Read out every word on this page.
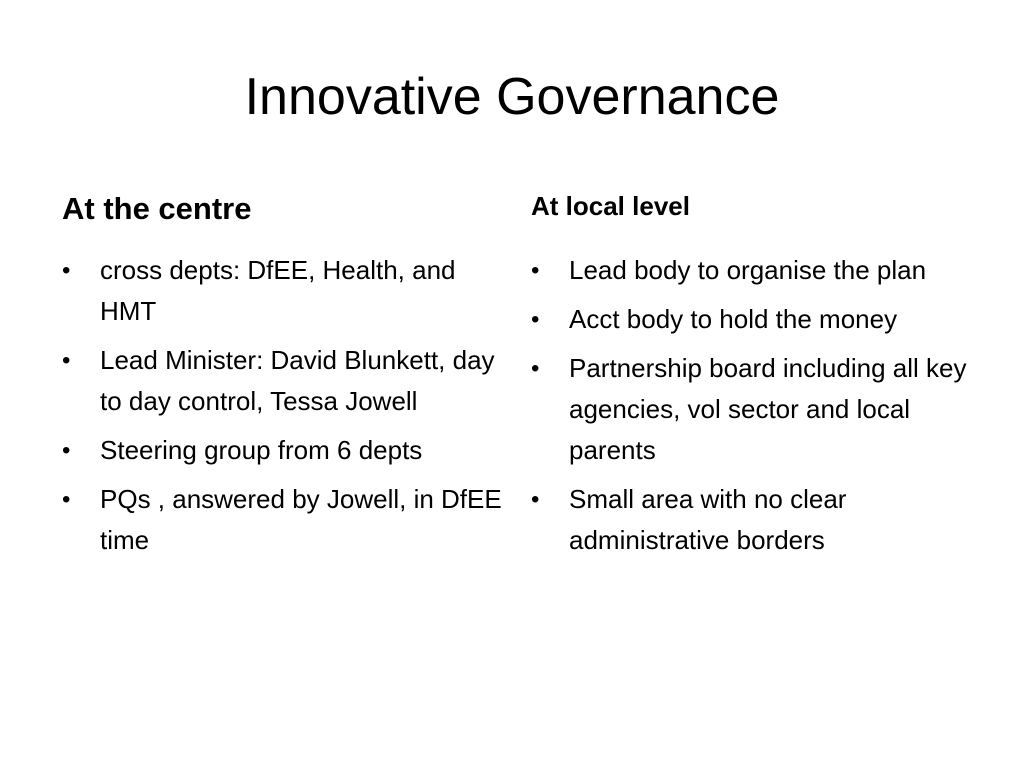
Innovative Governance
At the centre
•	cross depts: DfEE, Health, and HMT
•	Lead Minister: David Blunkett, day to day control, Tessa Jowell
•	Steering group from 6 depts
•	PQs , answered by Jowell, in DfEE time
At local level
•	Lead body to organise the plan
•	Acct body to hold the money
•	Partnership board including all key agencies, vol sector and local parents
•	Small area with no clear administrative borders
